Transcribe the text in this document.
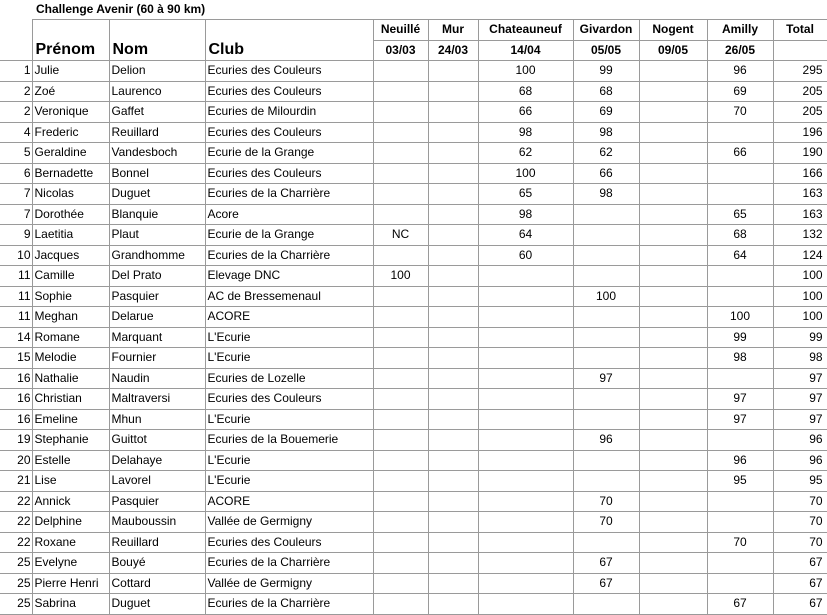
	Challenge Avenir (60 à 90 km)									
				Neuillé	Mur	Chateauneuf	Givardon	Nogent	Amilly	Total
	Prénom	Nom	Club	03/03	24/03	14/04	05/05	09/05	26/05	
1	Julie	Delion	Ecuries des Couleurs			100	99		96	295
2	Zoé	Laurenco	Ecuries des Couleurs			68	68		69	205
2	Veronique	Gaffet	Ecuries de Milourdin			66	69		70	205
4	Frederic	Reuillard	Ecuries des Couleurs			98	98			196
5	Geraldine	Vandesboch	Ecurie de la Grange			62	62		66	190
6	Bernadette	Bonnel	Ecuries des Couleurs			100	66			166
7	Nicolas	Duguet	Ecuries de la Charrière			65	98			163
7	Dorothée	Blanquie	Acore			98			65	163
9	Laetitia	Plaut	Ecurie de la Grange	NC		64			68	132
10	Jacques	Grandhomme	Ecuries de la Charrière			60			64	124
11	Camille	Del Prato	Elevage DNC	100						100
11	Sophie	Pasquier	AC de Bressemenaul				100			100
11	Meghan	Delarue	ACORE						100	100
14	Romane	Marquant	L'Ecurie						99	99
15	Melodie	Fournier	L'Ecurie						98	98
16	Nathalie	Naudin	Ecuries de Lozelle				97			97
16	Christian	Maltraversi	Ecuries des Couleurs						97	97
16	Emeline	Mhun	L'Ecurie						97	97
19	Stephanie	Guittot	Ecuries de la Bouemerie				96			96
20	Estelle	Delahaye	L'Ecurie						96	96
21	Lise	Lavorel	L'Ecurie						95	95
22	Annick	Pasquier	ACORE				70			70
22	Delphine	Mauboussin	Vallée de Germigny				70			70
22	Roxane	Reuillard	Ecuries des Couleurs						70	70
25	Evelyne	Bouyé	Ecuries de la Charrière				67			67
25	Pierre Henri	Cottard	Vallée de Germigny				67			67
25	Sabrina	Duguet	Ecuries de la Charrière						67	67
